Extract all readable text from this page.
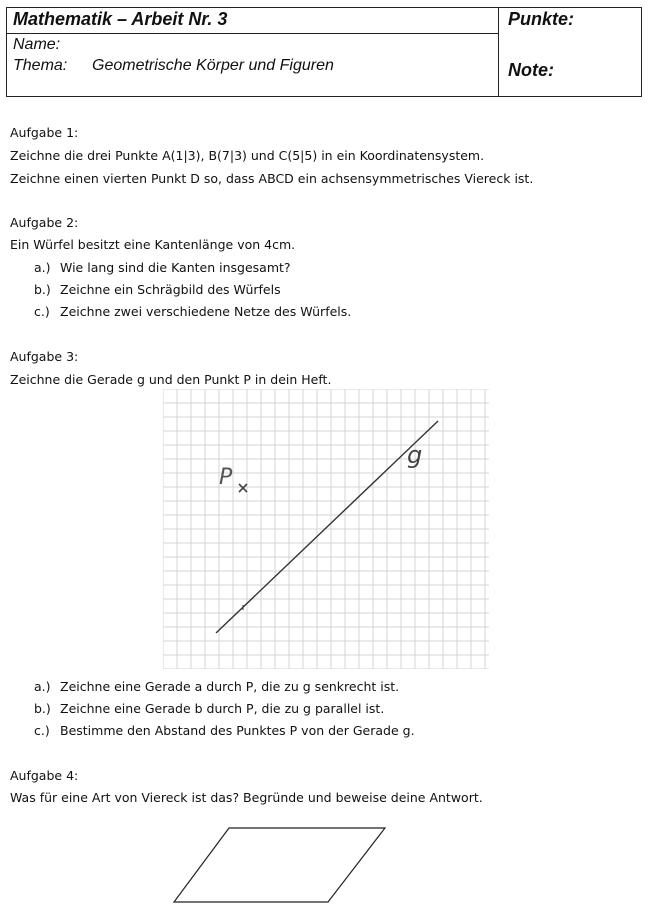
Mathematik – Arbeit Nr. 3
Name:
Thema: Geometrische Körper und Figuren
Punkte:
Note:
Aufgabe 1:
Zeichne die drei Punkte A(1|3), B(7|3) und C(5|5) in ein Koordinatensystem.
Zeichne einen vierten Punkt D so, dass ABCD ein achsensymmetrisches Viereck ist.
Aufgabe 2:
Ein Würfel besitzt eine Kantenlänge von 4cm.
a.) Wie lang sind die Kanten insgesamt?
b.) Zeichne ein Schrägbild des Würfels
c.) Zeichne zwei verschiedene Netze des Würfels.
Aufgabe 3:
Zeichne die Gerade g und den Punkt P in dein Heft.
P
g
a.) Zeichne eine Gerade a durch P, die zu g senkrecht ist.
b.) Zeichne eine Gerade b durch P, die zu g parallel ist.
c.) Bestimme den Abstand des Punktes P von der Gerade g.
Aufgabe 4:
Was für eine Art von Viereck ist das? Begründe und beweise deine Antwort.
